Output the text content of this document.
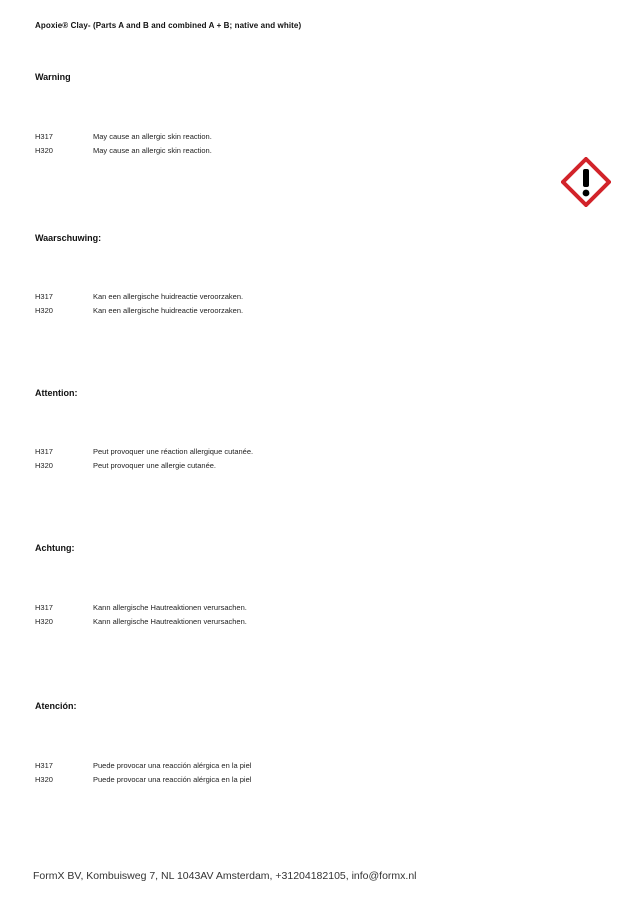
Apoxie® Clay- (Parts A and B and combined A + B; native and white)
Warning
H317	May cause an allergic skin reaction.
H320	May cause an allergic skin reaction.
Waarschuwing:
H317	Kan een allergische huidreactie veroorzaken.
H320	Kan een allergische huidreactie veroorzaken.
Attention:
H317	Peut provoquer une réaction allergique cutanée.
H320	Peut provoquer une allergie cutanée.
Achtung:
H317	Kann allergische Hautreaktionen verursachen.
H320	Kann allergische Hautreaktionen verursachen.
Atención:
H317	Puede provocar una reacción alérgica en la piel
H320	Puede provocar una reacción alérgica en la piel
FormX BV, Kombuisweg 7, NL 1043AV Amsterdam, +31204182105, info@formx.nl
